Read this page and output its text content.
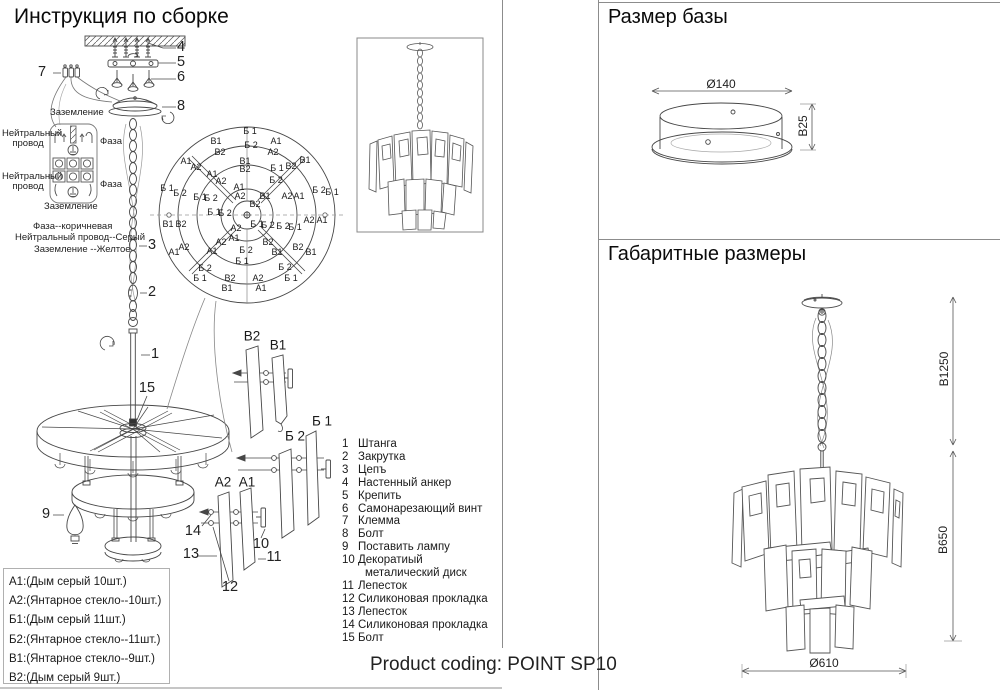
Инструкция по сборке
Заземление
Нейтральный провод	Фаза
Нейтральный провод	Фаза
Заземление
Фаза--коричневая
Нейтральный провод--Серый
Заземление --Желтое
Б 1
Б 2
В1
В2
А1
А2
А1
А2
В1
В2
Б 1
А1
А2
В1
В2
Б 2
Б 1 Б 2 Б 1
Б 2
А1
А2 В1 А2 А1
Б 2 Б 1
В2
Б 1
Б 2
В1 В2	А2 А1
Б 1
Б 2 Б 2
Б 1
А2
А1
А2
А1
В2
В1
Б 2
Б 1
В2 В1
Б 2
Б 1
Б 2
Б 1
А2
А1
В2
В1
А2
А1
4
5
6
7
8
3
2
1
15
9
14
13
10
11
12
В2
В1
Б 2
Б 1
А2 А1
1 Штанга
2 Закрутка
3 Цепъ
4 Настенный анкер
5 Крепить
6 Самонарезающий винт
7 Клемма
8 Болт
9 Поставить лампу
10 Декоратиый
металический диск
11 Лепесток
12 Силиконовая прокладка
13 Лепесток
14 Силиконовая прокладка
15 Болт
А1:(Дым серый 10шт.)
А2:(Янтарное стекло--10шт.)
Б1:(Дым серый 11шт.)
Б2:(Янтарное стекло--11шт.)
В1:(Янтарное стекло--9шт.)
В2:(Дым серый 9шт.)
Размер базы
Габаритные размеры
Ø140
B25
B1250
B650
Ø610
Product coding: POINT SP10
